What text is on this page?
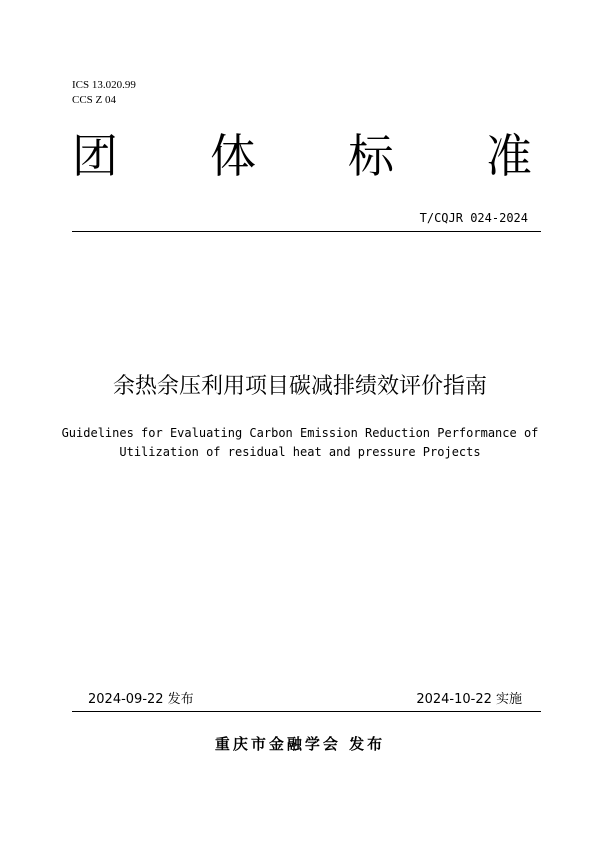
ICS 13.020.99
CCS Z 04
团 体 标 准
T/CQJR 024-2024
余热余压利用项目碳减排绩效评价指南
Guidelines for Evaluating Carbon Emission Reduction Performance of
Utilization of residual heat and pressure Projects
2024-09-22 发布	2024-10-22 实施
重庆市金融学会 发布
